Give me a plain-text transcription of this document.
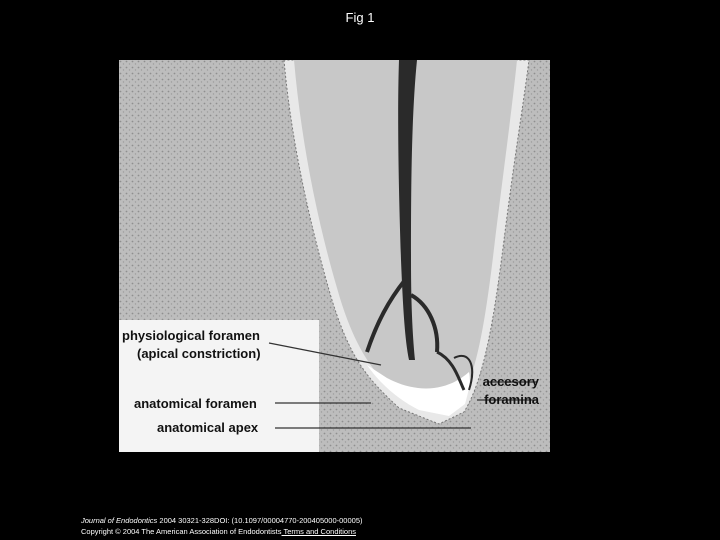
Fig 1
physiological foramen
(apical constriction)
anatomical foramen
anatomical apex
accesory
foramina
Journal of Endodontics 2004 30321-328DOI: (10.1097/00004770-200405000-00005)
Copyright © 2004 The American Association of Endodontists Terms and Conditions
